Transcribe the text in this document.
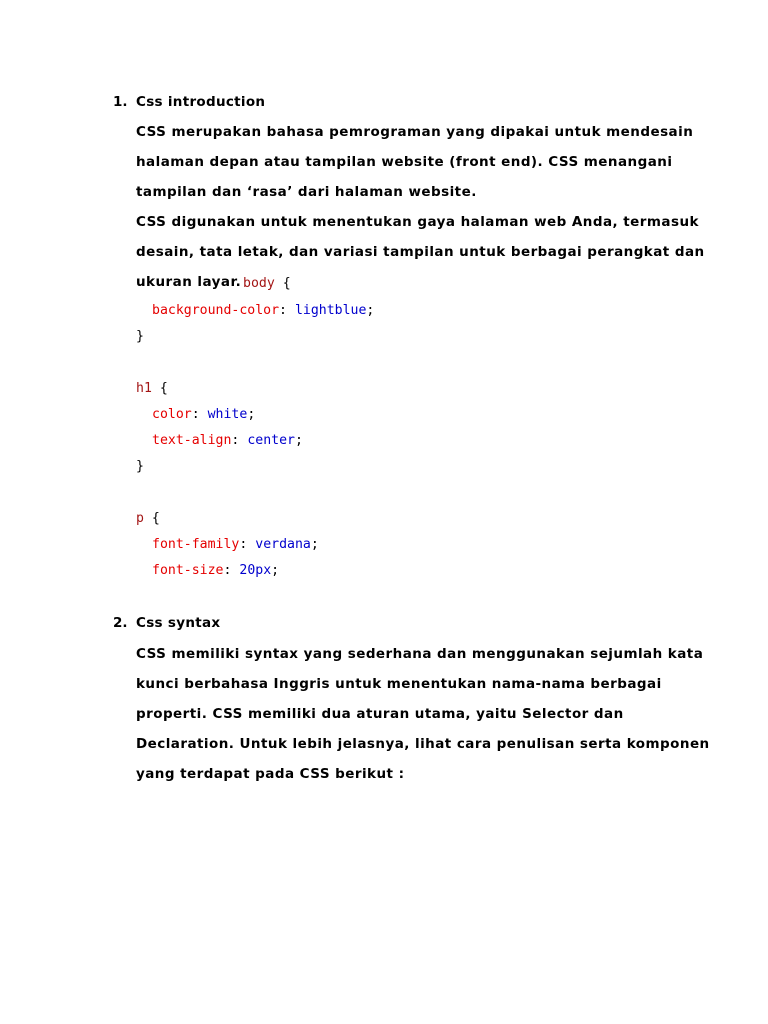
1. Css introduction
CSS merupakan bahasa pemrograman yang dipakai untuk mendesain
halaman depan atau tampilan website (front end). CSS menangani
tampilan dan ‘rasa’ dari halaman website.
CSS digunakan untuk menentukan gaya halaman web Anda, termasuk
desain, tata letak, dan variasi tampilan untuk berbagai perangkat dan
ukuran layar. body {
background-color: lightblue;
}
h1 {
color: white;
text-align: center;
}
p {
font-family: verdana;
font-size: 20px;
2. Css syntax
CSS memiliki syntax yang sederhana dan menggunakan sejumlah kata
kunci berbahasa Inggris untuk menentukan nama-nama berbagai
properti. CSS memiliki dua aturan utama, yaitu Selector dan
Declaration. Untuk lebih jelasnya, lihat cara penulisan serta komponen
yang terdapat pada CSS berikut :
